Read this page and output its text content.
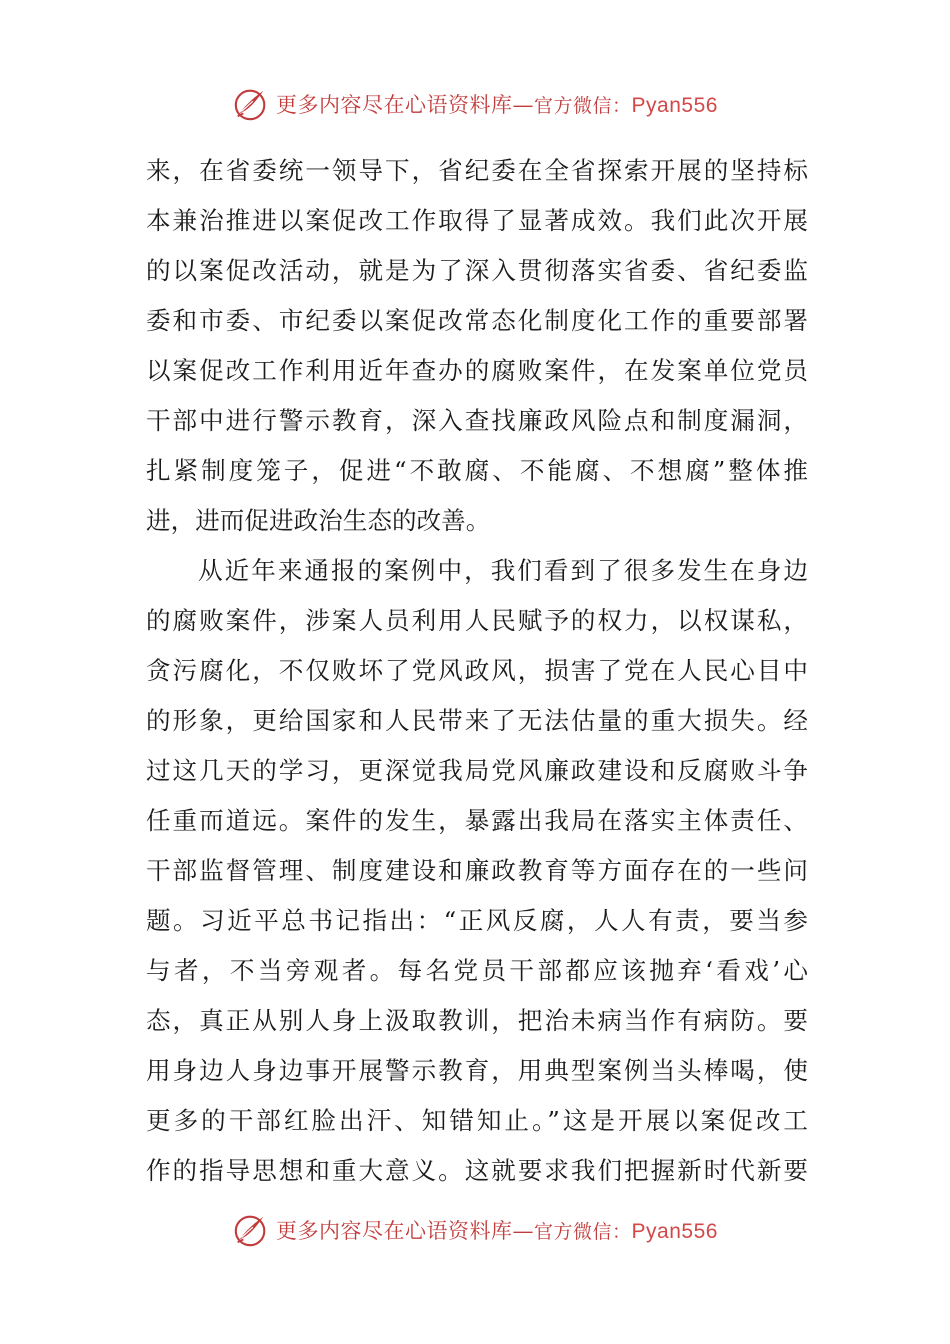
更多内容尽在心语资料库—官方微信：Pyan556
来，在省委统一领导下，省纪委在全省探索开展的坚持标
本兼治推进以案促改工作取得了显著成效。我们此次开展
的以案促改活动，就是为了深入贯彻落实省委、省纪委监
委和市委、市纪委以案促改常态化制度化工作的重要部署
以案促改工作利用近年查办的腐败案件，在发案单位党员
干部中进行警示教育，深入查找廉政风险点和制度漏洞，
扎紧制度笼子，促进“不敢腐、不能腐、不想腐”整体推
进，进而促进政治生态的改善。
从近年来通报的案例中，我们看到了很多发生在身边
的腐败案件，涉案人员利用人民赋予的权力，以权谋私，
贪污腐化，不仅败坏了党风政风，损害了党在人民心目中
的形象，更给国家和人民带来了无法估量的重大损失。经
过这几天的学习，更深觉我局党风廉政建设和反腐败斗争
任重而道远。案件的发生，暴露出我局在落实主体责任、
干部监督管理、制度建设和廉政教育等方面存在的一些问
题。习近平总书记指出：“正风反腐，人人有责，要当参
与者，不当旁观者。每名党员干部都应该抛弃‘看戏’心
态，真正从别人身上汲取教训，把治未病当作有病防。要
用身边人身边事开展警示教育，用典型案例当头棒喝，使
更多的干部红脸出汗、知错知止。”这是开展以案促改工
作的指导思想和重大意义。这就要求我们把握新时代新要
更多内容尽在心语资料库—官方微信：Pyan556
